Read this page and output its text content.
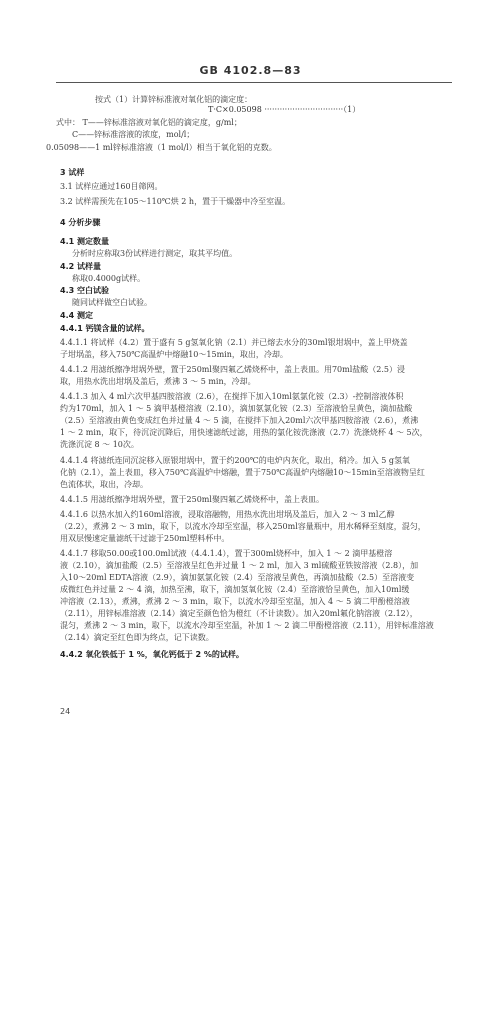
GB 4102.8—83
按式（1）计算锌标准液对氧化铝的滴定度：
T·C×0.05098 ·······························（1）
式中： T——锌标准溶液对氧化铝的滴定度，g/ml；
C——锌标准溶液的浓度，mol/l；
0.05098——1 ml锌标准溶液（1 mol/l）相当于氧化铝的克数。
3 试样
3.1 试样应通过160目筛网。
3.2 试样需预先在105～110℃烘 2 h，置于干燥器中冷至室温。
4 分析步骤
4.1 测定数量
分析时应称取3份试样进行测定，取其平均值。
4.2 试样量
称取0.4000g试样。
4.3 空白试验
随同试样做空白试验。
4.4 测定
4.4.1 钙镁含量的试样。
4.4.1.1 将试样（4.2）置于盛有 5 g氢氧化钠（2.1）并已熔去水分的30ml银坩埚中，盖上甲烧盖
子坩埚盖，移入750℃高温炉中熔融10～15min，取出，冷却。
4.4.1.2 用滤纸擦净坩埚外壁，置于250ml聚四氟乙烯烧杯中，盖上表皿。用70ml盐酸（2.5）浸
取，用热水洗出坩埚及盖后，煮沸 3 ～ 5 min，冷却。
4.4.1.3 加入 4 ml六次甲基四胺溶液（2.6），在搅拌下加入10ml氨氯化铵（2.3）-控制溶液体积
约为170ml，加入 1 ～ 5 滴甲基橙溶液（2.10），滴加氨氯化铵（2.3）至溶液恰呈黄色，滴加盐酸
（2.5）至溶液由黄色变成红色并过量 4 ～ 5 滴，在搅拌下加入20ml六次甲基四胺溶液（2.6），煮沸
1 ～ 2 min，取下，待沉淀沉降后，用快速滤纸过滤，用热的氯化铵洗涤液（2.7）洗涤烧杯 4 ～ 5次，
洗涤沉淀 8 ～ 10次。
4.4.1.4 将滤纸连同沉淀移入原银坩埚中，置于约200℃的电炉内灰化，取出，稍冷。加入 5 g氢氧
化钠（2.1），盖上表皿，移入750℃高温炉中熔融，置于750℃高温炉内熔融10～15min至溶液物呈红
色流体状，取出，冷却。
4.4.1.5 用滤纸擦净坩埚外壁，置于250ml聚四氟乙烯烧杯中，盖上表皿。
4.4.1.6 以热水加入约160ml溶液，浸取溶融物，用热水洗出坩埚及盖后，加入 2 ～ 3 ml乙醇
（2.2），煮沸 2 ～ 3 min，取下，以流水冷却至室温，移入250ml容量瓶中，用水稀释至刻度，混匀，
用双层慢速定量滤纸干过滤于250ml塑料杯中。
4.4.1.7 移取50.00或100.0ml试液（4.4.1.4），置于300ml烧杯中，加入 1 ～ 2 滴甲基橙溶
液（2.10），滴加盐酸（2.5）至溶液呈红色并过量 1 ～ 2 ml，加入 3 ml硫酸亚铁铵溶液（2.8），加
入10～20ml EDTA溶液（2.9），滴加氨氯化铵（2.4）至溶液呈黄色，再滴加盐酸（2.5）至溶液变
成微红色并过量 2 ～ 4 滴，加热至沸，取下，滴加氢氧化铵（2.4）至溶液恰呈黄色，加入10ml缓
冲溶液（2.13），煮沸，煮沸 2 ～ 3 min，取下，以流水冷却至室温，加入 4 ～ 5 滴二甲酚橙溶液
（2.11），用锌标准溶液（2.14）滴定至颜色恰为橙红（不计读数）。加入20ml氟化钠溶液（2.12），
混匀，煮沸 2 ～ 3 min，取下，以流水冷却至室温，补加 1 ～ 2 滴二甲酚橙溶液（2.11），用锌标准溶液
（2.14）滴定至红色即为终点，记下读数。
4.4.2 氧化铁低于 1 %，氧化钙低于 2 %的试样。
24
